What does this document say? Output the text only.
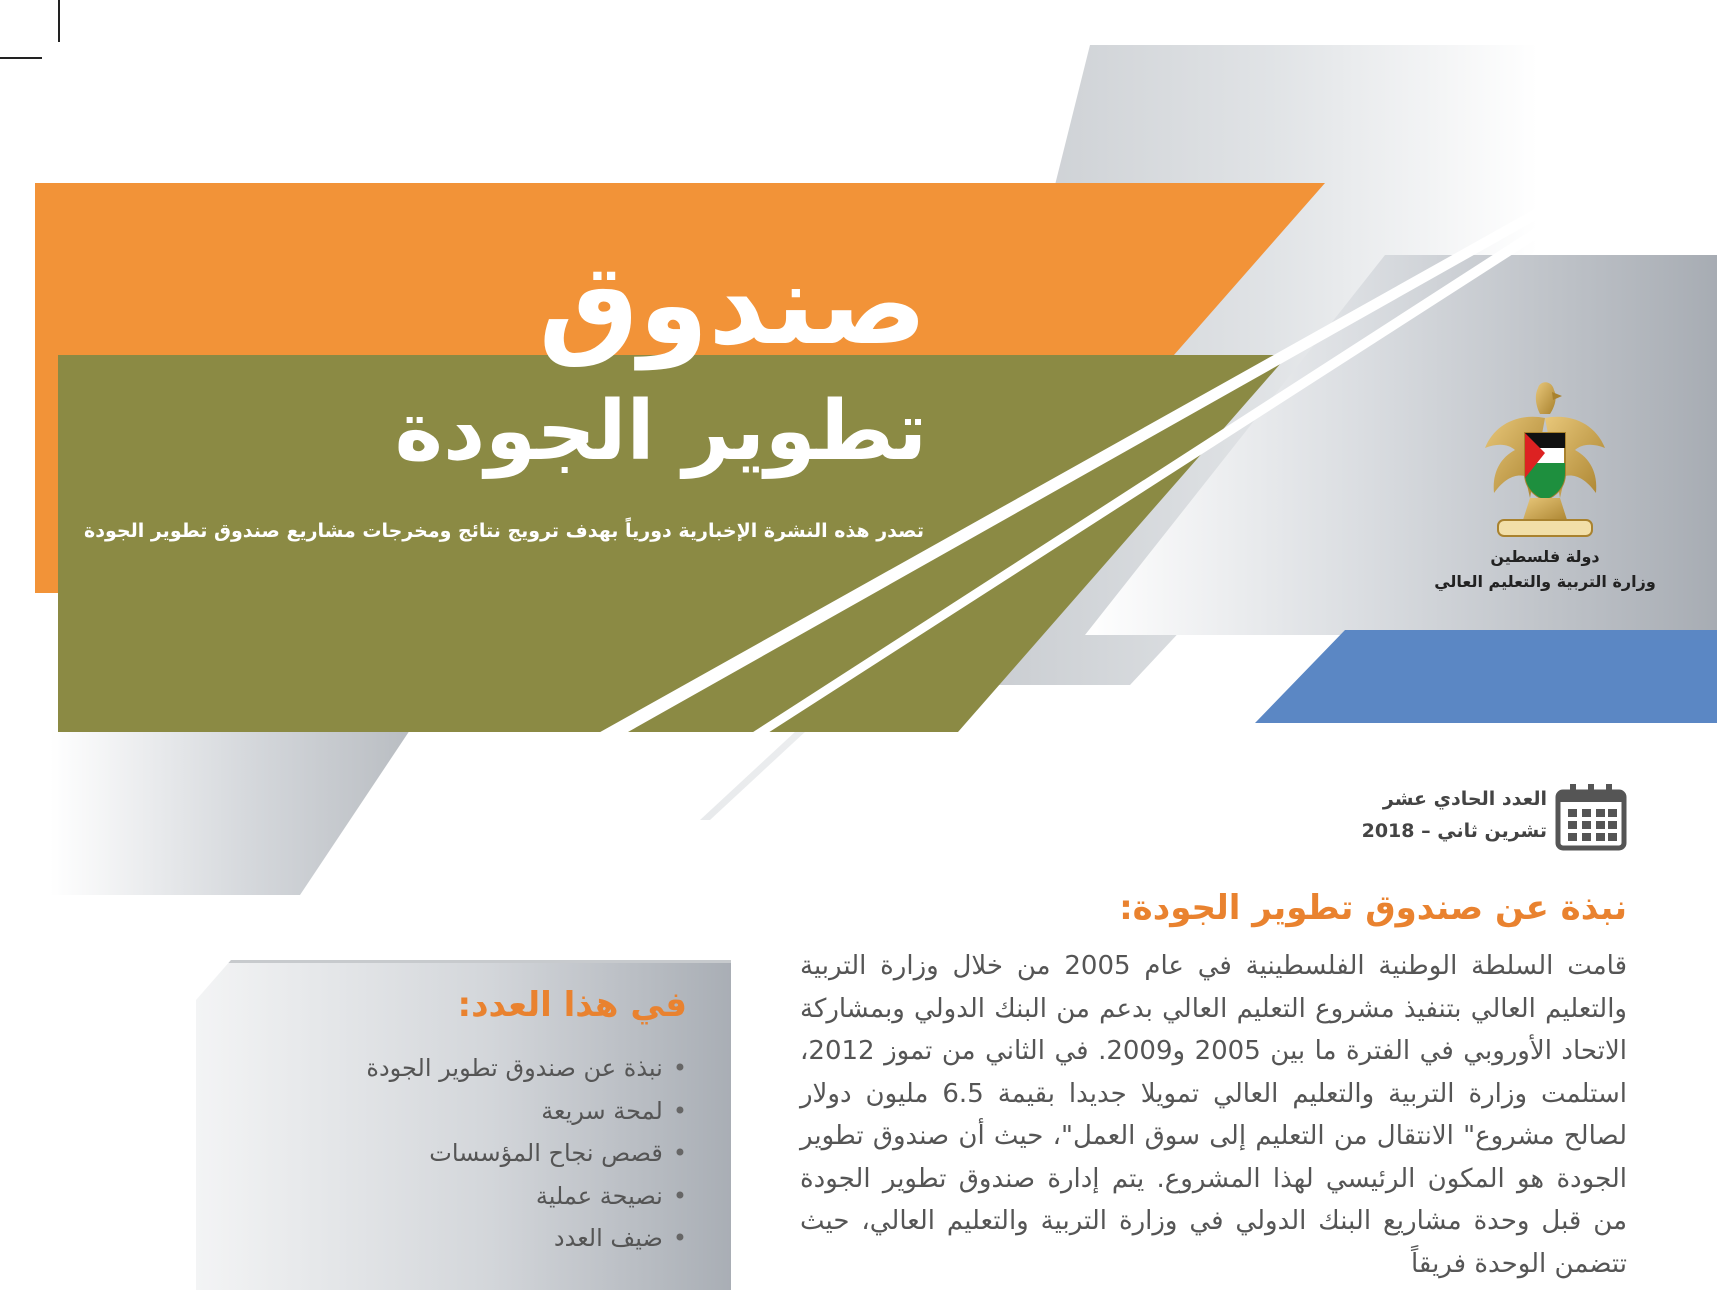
صندوق
تطوير الجودة
تصدر هذه النشرة الإخبارية دورياً بهدف ترويج نتائج ومخرجات مشاريع صندوق تطوير الجودة
دولة فلسطين
وزارة التربية والتعليم العالي
العدد الحادي عشر
تشرين ثاني – 2018
نبذة عن صندوق تطوير الجودة:
قامت السلطة الوطنية الفلسطينية في عام 2005 من خلال وزارة التربية والتعليم العالي بتنفيذ مشروع التعليم العالي بدعم من البنك الدولي وبمشاركة الاتحاد الأوروبي في الفترة ما بين 2005 و2009. في الثاني من تموز 2012، استلمت وزارة التربية والتعليم العالي تمويلا جديدا بقيمة 6.5 مليون دولار لصالح مشروع" الانتقال من التعليم إلى سوق العمل"، حيث أن صندوق تطوير الجودة هو المكون الرئيسي لهذا المشروع. يتم إدارة صندوق تطوير الجودة من قبل وحدة مشاريع البنك الدولي في وزارة التربية والتعليم العالي، حيث تتضمن الوحدة فريقاً
في هذا العدد:
•نبذة عن صندوق تطوير الجودة
•لمحة سريعة
•قصص نجاح المؤسسات
•نصيحة عملية
•ضيف العدد
